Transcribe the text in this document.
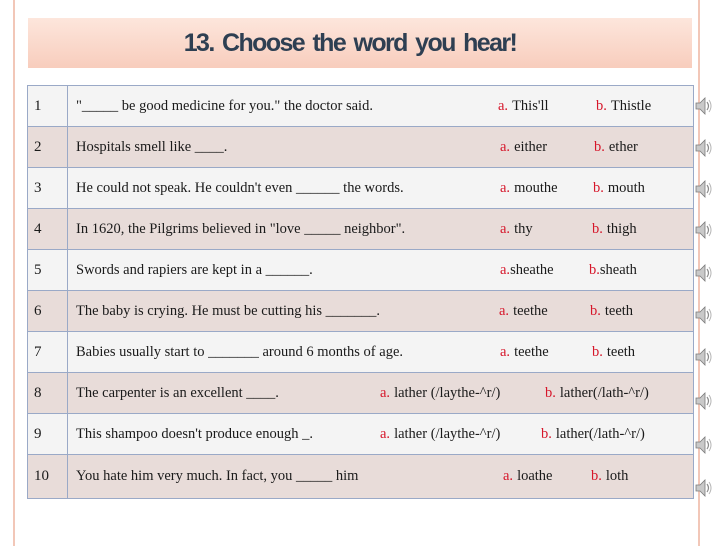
13. Choose the word you hear!
1	"_____ be good medicine for you." the doctor said.	a. This'll	b. Thistle
2	Hospitals smell like ____.	a. either	b. ether
3	He could not speak. He couldn't even ______ the words.	a. mouthe b. mouth
4	In 1620, the Pilgrims believed in "love _____ neighbor".	a. thy	b. thigh
5	Swords and rapiers are kept in a ______.	a. sheathe b. sheath
6	The baby is crying. He must be cutting his _______.	a. teethe	b. teeth
7	Babies usually start to _______ around 6 months of age.	a. teethe	b. teeth
8	The carpenter is an excellent ____.	a. lather (/laythe-^r/)	b. lather(/lath-^r/)
9	This shampoo doesn't produce enough _.	a. lather (/laythe-^r/)	b. lather(/lath-^r/)
10	You hate him very much. In fact, you _____ him	a. loathe	b. loth
